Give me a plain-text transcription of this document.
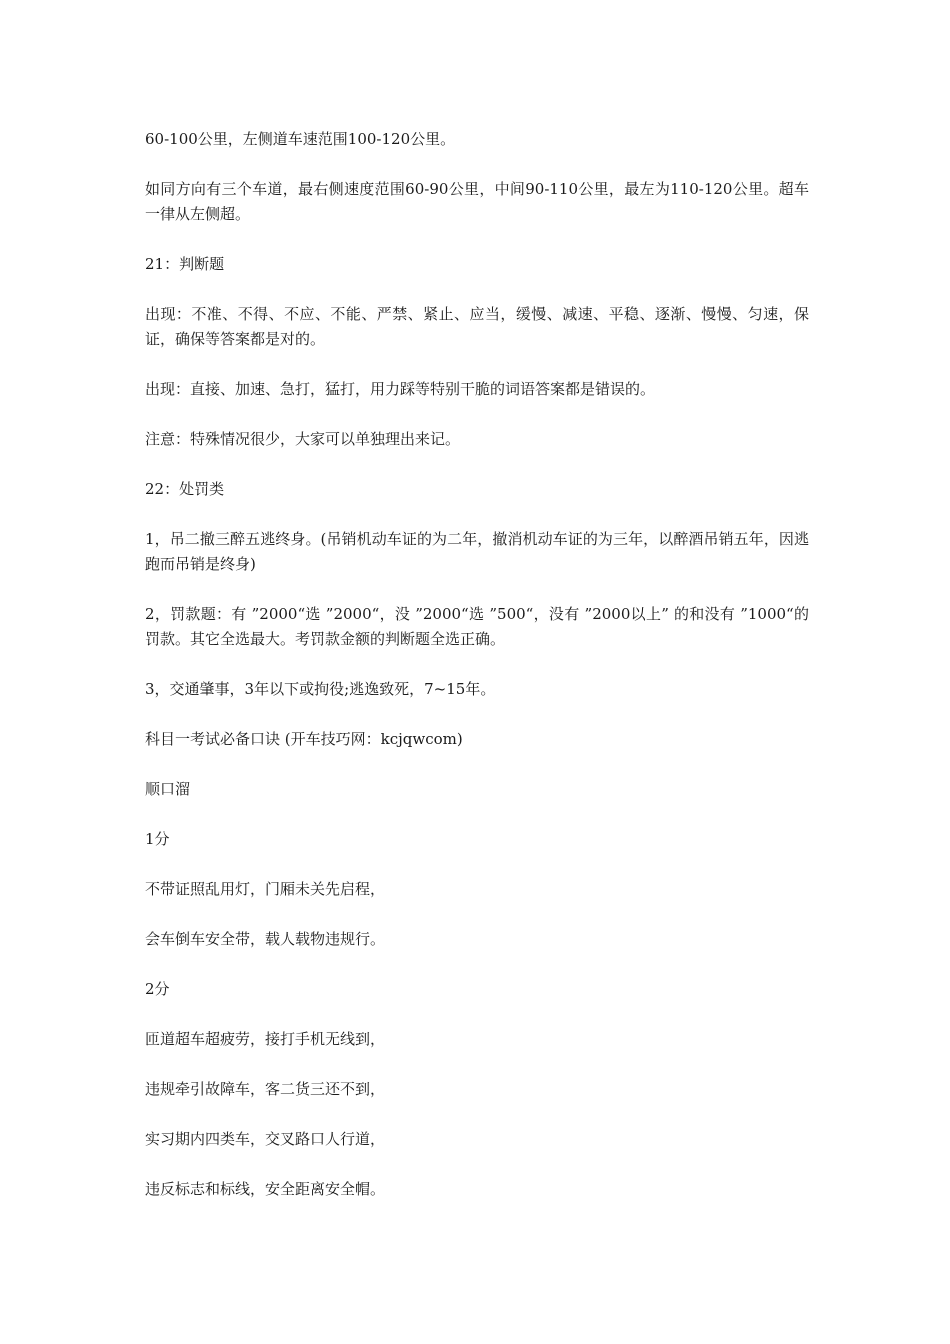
60-100公里，左侧道车速范围100-120公里。

如同方向有三个车道，最右侧速度范围60-90公里，中间90-110公里，最左为110-120公里。超车一律从左侧超。

21：判断题

出现：不准、不得、不应、不能、严禁、紧止、应当，缓慢、减速、平稳、逐渐、慢慢、匀速，保证，确保等答案都是对的。

出现：直接、加速、急打，猛打，用力踩等特别干脆的词语答案都是错误的。

注意：特殊情况很少，大家可以单独理出来记。

22：处罚类

1，吊二撤三醉五逃终身。(吊销机动车证的为二年，撤消机动车证的为三年，以醉酒吊销五年，因逃跑而吊销是终身)

2，罚款题：有 ”2000“选 ”2000“，没 ”2000“选 ”500“，没有 ”2000以上” 的和没有 ”1000“的罚款。其它全选最大。考罚款金额的判断题全选正确。

3，交通肇事，3年以下或拘役;逃逸致死，7~15年。

科目一考试必备口诀 (开车技巧网：kcjqwcom)

顺口溜

1分

不带证照乱用灯，门厢未关先启程，

会车倒车安全带，载人载物违规行。

2分

匝道超车超疲劳，接打手机无线到，

违规牵引故障车，客二货三还不到，

实习期内四类车，交叉路口人行道，

违反标志和标线，安全距离安全帽。
